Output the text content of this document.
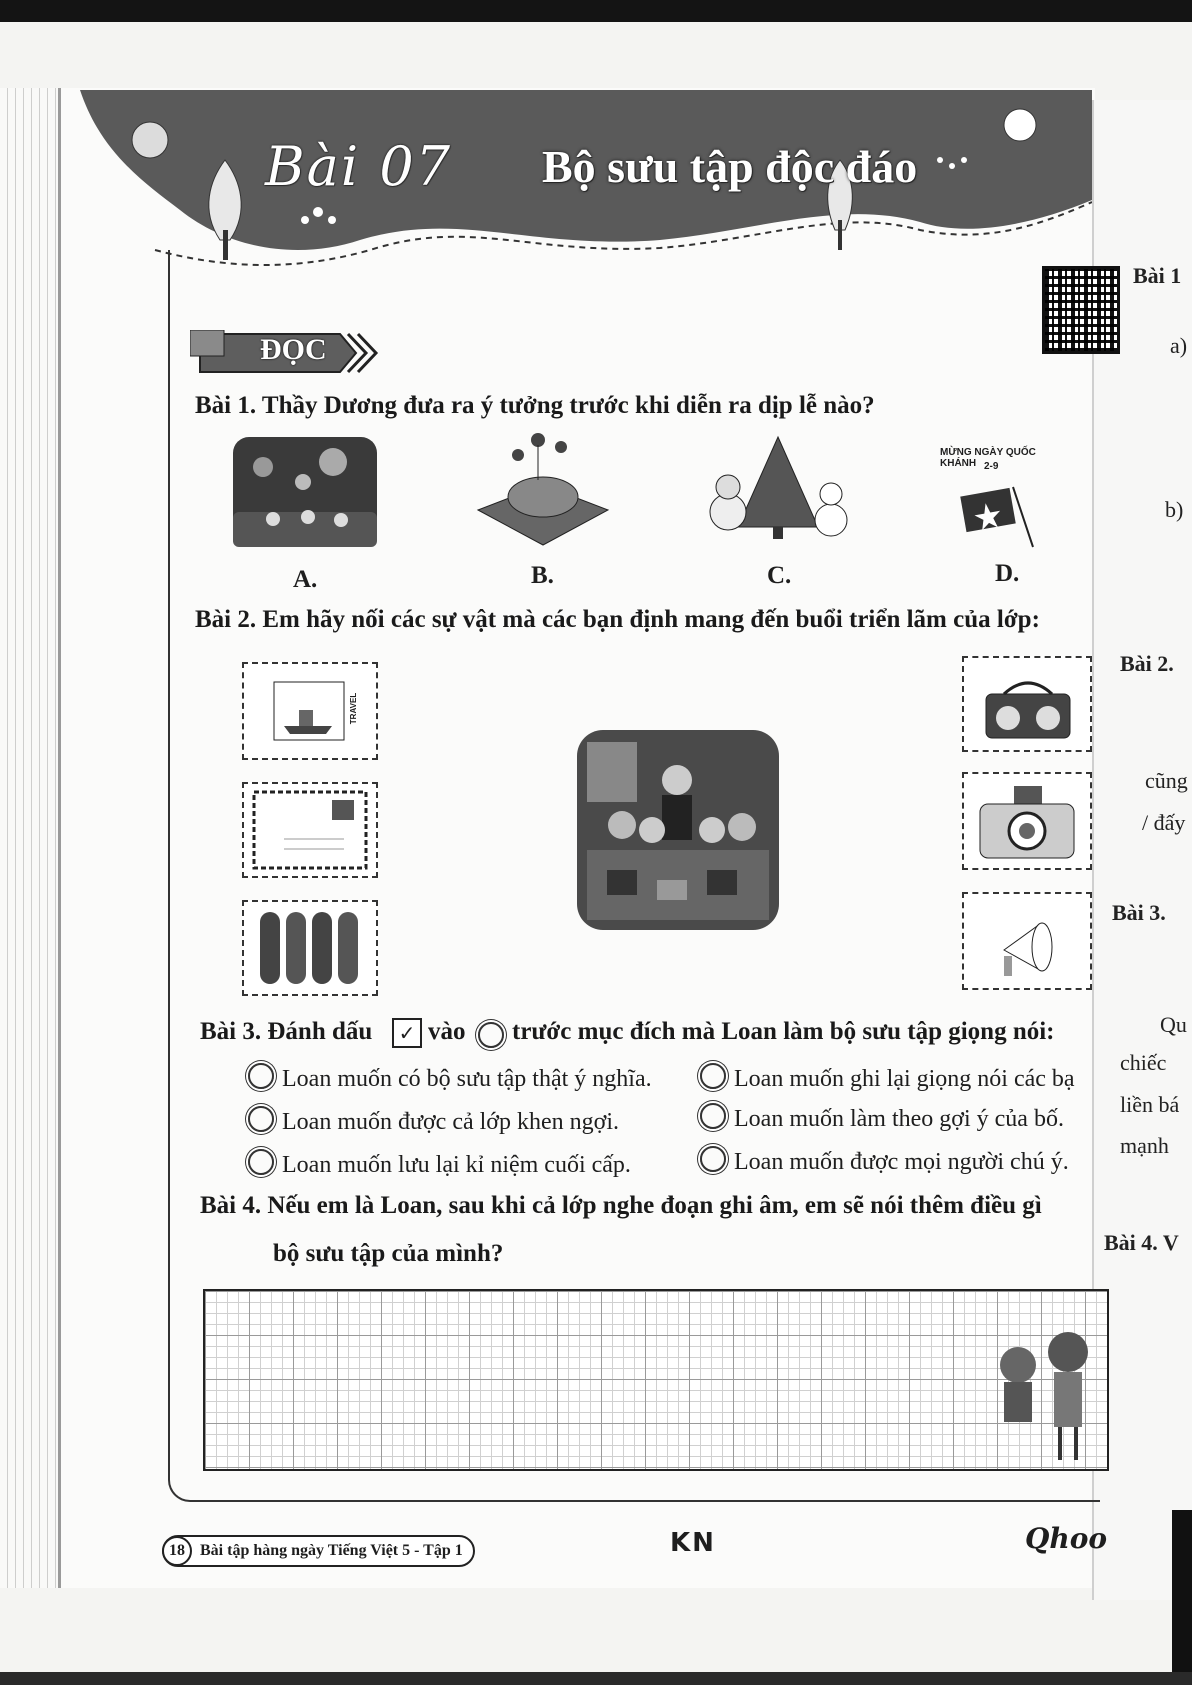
Bài 07 Bộ sưu tập độc đáo
ĐỌC
Bài 1. Thầy Dương đưa ra ý tưởng trước khi diễn ra dịp lễ nào?
MỪNG NGÀY QUỐC KHÁNH 2-9
A.	B.	C.	D.
Bài 2. Em hãy nối các sự vật mà các bạn định mang đến buổi triển lãm của lớp:
TRAVEL
Bài 3. Đánh dấu	✓ vào trước mục đích mà Loan làm bộ sưu tập giọng nói:
Loan muốn có bộ sưu tập thật ý nghĩa.	Loan muốn ghi lại giọng nói các bạ
Loan muốn được cả lớp khen ngợi.	Loan muốn làm theo gợi ý của bố.
Loan muốn lưu lại kỉ niệm cuối cấp.	Loan muốn được mọi người chú ý.
Bài 4. Nếu em là Loan, sau khi cả lớp nghe đoạn ghi âm, em sẽ nói thêm điều gì
bộ sưu tập của mình?
18 Bài tập hàng ngày Tiếng Việt 5 - Tập 1	KN	Qhoo
Bài 1
a)
b)
Bài 2.
cũng
/ đấy
Bài 3.
Qu
chiếc
liền bá
mạnh
Bài 4. V
